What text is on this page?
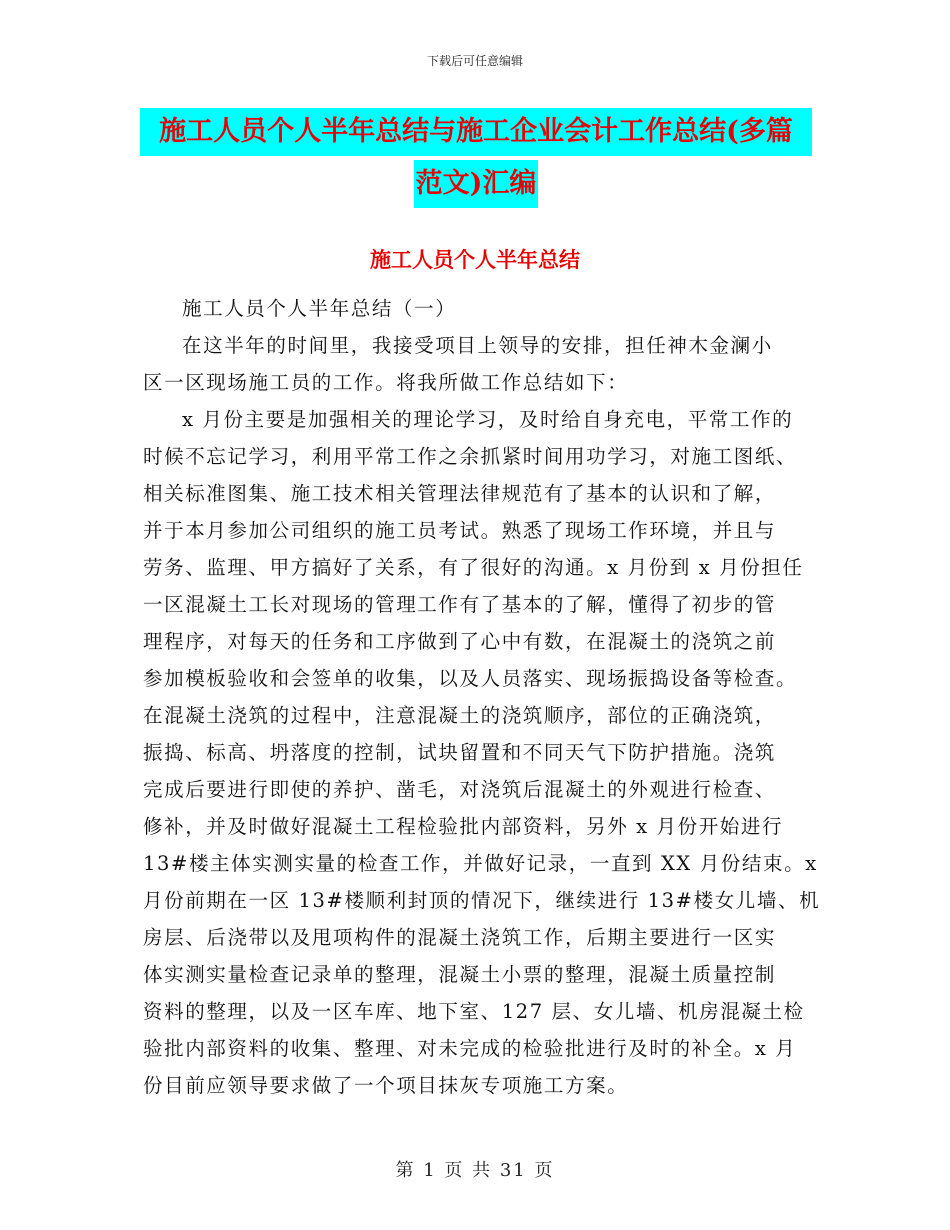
下载后可任意编辑
施工人员个人半年总结与施工企业会计工作总结(多篇
范文)汇编
施工人员个人半年总结

施工人员个人半年总结（一）

在这半年的时间里，我接受项目上领导的安排，担任神木金澜小
区一区现场施工员的工作。将我所做工作总结如下：

x 月份主要是加强相关的理论学习，及时给自身充电，平常工作的
时候不忘记学习，利用平常工作之余抓紧时间用功学习，对施工图纸、
相关标准图集、施工技术相关管理法律规范有了基本的认识和了解，
并于本月参加公司组织的施工员考试。熟悉了现场工作环境，并且与
劳务、监理、甲方搞好了关系，有了很好的沟通。x 月份到 x 月份担任
一区混凝土工长对现场的管理工作有了基本的了解，懂得了初步的管
理程序，对每天的任务和工序做到了心中有数，在混凝土的浇筑之前
参加模板验收和会签单的收集，以及人员落实、现场振捣设备等检查。
在混凝土浇筑的过程中，注意混凝土的浇筑顺序，部位的正确浇筑，
振捣、标高、坍落度的控制，试块留置和不同天气下防护措施。浇筑
完成后要进行即使的养护、凿毛，对浇筑后混凝土的外观进行检查、
修补，并及时做好混凝土工程检验批内部资料，另外 x 月份开始进行
13#楼主体实测实量的检查工作，并做好记录，一直到 XX 月份结束。x
月份前期在一区 13#楼顺利封顶的情况下，继续进行 13#楼女儿墙、机
房层、后浇带以及甩项构件的混凝土浇筑工作，后期主要进行一区实
体实测实量检查记录单的整理，混凝土小票的整理，混凝土质量控制
资料的整理，以及一区车库、地下室、127 层、女儿墙、机房混凝土检
验批内部资料的收集、整理、对未完成的检验批进行及时的补全。x 月
份目前应领导要求做了一个项目抹灰专项施工方案。

第 1 页 共 31 页
